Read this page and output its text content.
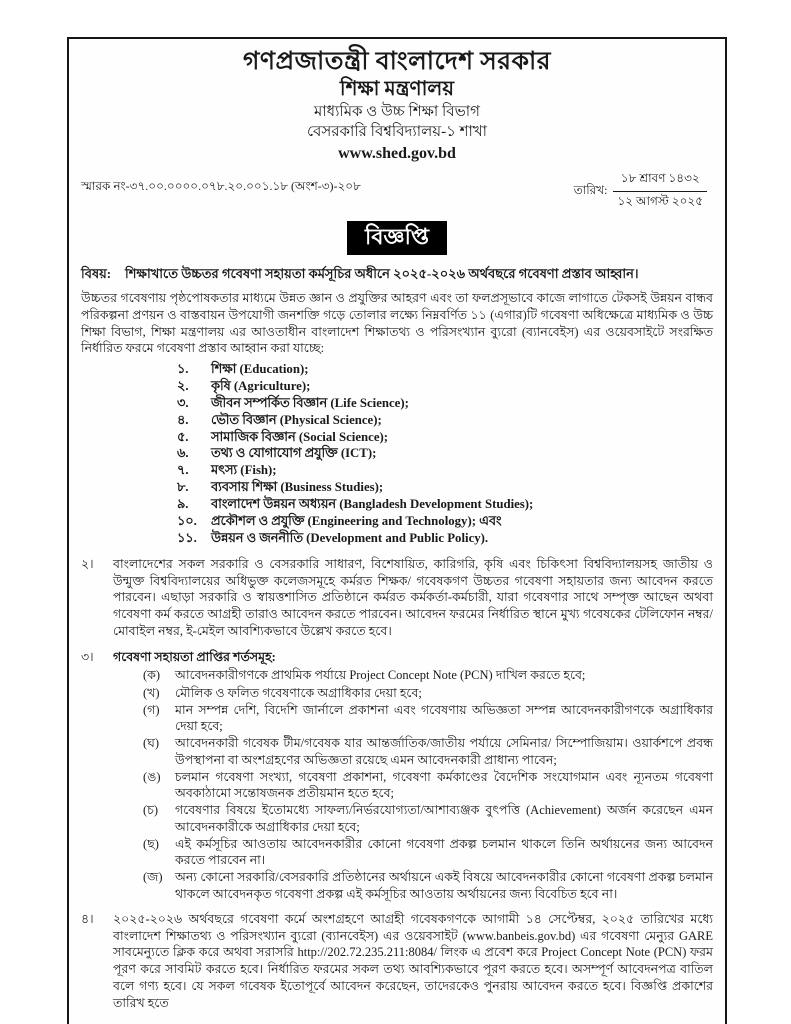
গণপ্রজাতন্ত্রী বাংলাদেশ সরকার
শিক্ষা মন্ত্রণালয়
মাধ্যমিক ও উচ্চ শিক্ষা বিভাগ
বেসরকারি বিশ্ববিদ্যালয়-১ শাখা
www.shed.gov.bd
স্মারক নং-৩৭.০০.০০০০.০৭৮.২০.০০১.১৮ (অংশ-৩)-২০৮	তারিখ: $\frac{\text{১৮ শ্রাবণ ১৪৩২}}{\text{১২ আগস্ট ২০২৫}}$
বিজ্ঞপ্তি
বিষয়:	শিক্ষাখাতে উচ্চতর গবেষণা সহায়তা কর্মসূচির অধীনে ২০২৫-২০২৬ অর্থবছরে গবেষণা প্রস্তাব আহ্বান।
উচ্চতর গবেষণায় পৃষ্ঠপোষকতার মাধ্যমে উন্নত জ্ঞান ও প্রযুক্তির আহরণ এবং তা ফলপ্রসূভাবে কাজে লাগাতে টেকসই উন্নয়ন বান্ধব পরিকল্পনা প্রণয়ন ও বাস্তবায়ন উপযোগী জনশক্তি গড়ে তোলার লক্ষ্যে নিম্নবর্ণিত ১১ (এগার)টি গবেষণা অধিক্ষেত্রে মাধ্যমিক ও উচ্চ শিক্ষা বিভাগ, শিক্ষা মন্ত্রণালয় এর আওতাধীন বাংলাদেশ শিক্ষাতথ্য ও পরিসংখ্যান ব্যুরো (ব্যানবেইস) এর ওয়েবসাইটে সংরক্ষিত নির্ধারিত ফরমে গবেষণা প্রস্তাব আহ্বান করা যাচ্ছে:
১.	শিক্ষা (Education);
২.	কৃষি (Agriculture);
৩.	জীবন সম্পর্কিত বিজ্ঞান (Life Science);
৪.	ভৌত বিজ্ঞান (Physical Science);
৫.	সামাজিক বিজ্ঞান (Social Science);
৬.	তথ্য ও যোগাযোগ প্রযুক্তি (ICT);
৭.	মৎস্য (Fish);
৮.	ব্যবসায় শিক্ষা (Business Studies);
৯.	বাংলাদেশ উন্নয়ন অধ্যয়ন (Bangladesh Development Studies);
১০.	প্রকৌশল ও প্রযুক্তি (Engineering and Technology); এবং
১১.	উন্নয়ন ও জননীতি (Development and Public Policy).
২।	বাংলাদেশের সকল সরকারি ও বেসরকারি সাধারণ, বিশেষায়িত, কারিগরি, কৃষি এবং চিকিৎসা বিশ্ববিদ্যালয়সহ জাতীয় ও উন্মুক্ত বিশ্ববিদ্যালয়ের অধিভুক্ত কলেজসমূহে কর্মরত শিক্ষক/ গবেষকগণ উচ্চতর গবেষণা সহায়তার জন্য আবেদন করতে পারবেন। এছাড়া সরকারি ও স্বায়ত্তশাসিত প্রতিষ্ঠানে কর্মরত কর্মকর্তা-কর্মচারী, যারা গবেষণার সাথে সম্পৃক্ত আছেন অথবা গবেষণা কর্ম করতে আগ্রহী তারাও আবেদন করতে পারবেন। আবেদন ফরমের নির্ধারিত স্থানে মুখ্য গবেষকের টেলিফোন নম্বর/ মোবাইল নম্বর, ই-মেইল আবশ্যিকভাবে উল্লেখ করতে হবে।
৩।	গবেষণা সহায়তা প্রাপ্তির শর্তসমূহ:
(ক)	আবেদনকারীগণকে প্রাথমিক পর্যায়ে Project Concept Note (PCN) দাখিল করতে হবে;
(খ)	মৌলিক ও ফলিত গবেষণাকে অগ্রাধিকার দেয়া হবে;
(গ)	মান সম্পন্ন দেশি, বিদেশি জার্নালে প্রকাশনা এবং গবেষণায় অভিজ্ঞতা সম্পন্ন আবেদনকারীগণকে অগ্রাধিকার দেয়া হবে;
(ঘ)	আবেদনকারী গবেষক টীম/গবেষক যার আন্তর্জাতিক/জাতীয় পর্যায়ে সেমিনার/ সিম্পোজিয়াম। ওয়ার্কশপে প্রবন্ধ উপস্থাপনা বা অংশগ্রহণের অভিজ্ঞতা রয়েছে এমন আবেদনকারী প্রাধান্য পাবেন;
(ঙ)	চলমান গবেষণা সংখ্যা, গবেষণা প্রকাশনা, গবেষণা কর্মকাণ্ডের বৈদেশিক সংযোগমান এবং ন্যূনতম গবেষণা অবকাঠামো সন্তোষজনক প্রতীয়মান হতে হবে;
(চ)	গবেষণার বিষয়ে ইতোমধ্যে সাফল্য/নির্ভরযোগ্যতা/আশাব্যঞ্জক বুৎপত্তি (Achievement) অর্জন করেছেন এমন আবেদনকারীকে অগ্রাধিকার দেয়া হবে;
(ছ)	এই কর্মসূচির আওতায় আবেদনকারীর কোনো গবেষণা প্রকল্প চলমান থাকলে তিনি অর্থায়নের জন্য আবেদন করতে পারবেন না।
(জ) অন্য কোনো সরকারি/বেসরকারি প্রতিষ্ঠানের অর্থায়নে একই বিষয়ে আবেদনকারীর কোনো গবেষণা প্রকল্প চলমান থাকলে আবেদনকৃত গবেষণা প্রকল্প এই কর্মসূচির আওতায় অর্থায়নের জন্য বিবেচিত হবে না।
৪।	২০২৫-২০২৬ অর্থবছরে গবেষণা কর্মে অংশগ্রহণে আগ্রহী গবেষকগণকে আগামী ১৪ সেপ্টেম্বর, ২০২৫ তারিখের মধ্যে বাংলাদেশ শিক্ষাতথ্য ও পরিসংখ্যান ব্যুরো (ব্যানবেইস) এর ওয়েবসাইট (www.banbeis.gov.bd) এর গবেষণা মেন্যুর GARE সাবমেন্যুতে ক্লিক করে অথবা সরাসরি http://202.72.235.211:8084/ লিংক এ প্রবেশ করে Project Concept Note (PCN) ফরম পূরণ করে সাবমিট করতে হবে। নির্ধারিত ফরমের সকল তথ্য আবশ্যিকভাবে পূরণ করতে হবে। অসম্পূর্ণ আবেদনপত্র বাতিল বলে গণ্য হবে। যে সকল গবেষক ইতোপূর্বে আবেদন করেছেন, তাদেরকেও পুনরায় আবেদন করতে হবে। বিজ্ঞপ্তি প্রকাশের তারিখ হতে
